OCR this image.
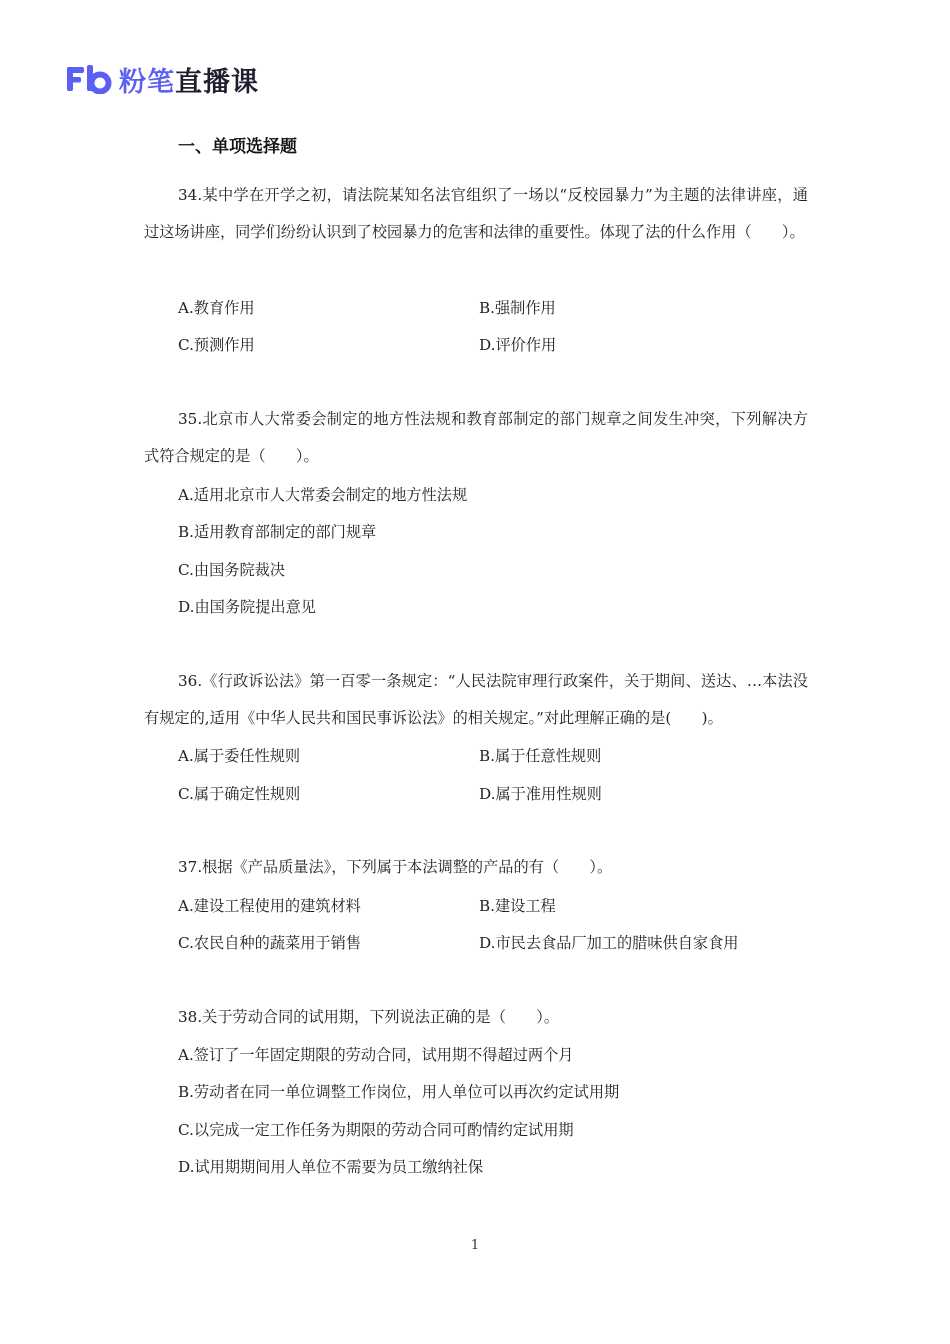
粉笔直播课
一、单项选择题

34.某中学在开学之初，请法院某知名法官组织了一场以“反校园暴力”为主题的法律讲座，通过这场讲座，同学们纷纷认识到了校园暴力的危害和法律的重要性。体现了法的什么作用（　　）。

A.教育作用	B.强制作用

C.预测作用	D.评价作用

35.北京市人大常委会制定的地方性法规和教育部制定的部门规章之间发生冲突，下列解决方式符合规定的是（　　）。

A.适用北京市人大常委会制定的地方性法规

B.适用教育部制定的部门规章

C.由国务院裁决

D.由国务院提出意见

36.《行政诉讼法》第一百零一条规定：“人民法院审理行政案件，关于期间、送达、…本法没有规定的,适用《中华人民共和国民事诉讼法》的相关规定。”对此理解正确的是(　　)。

A.属于委任性规则	B.属于任意性规则

C.属于确定性规则	D.属于准用性规则

37.根据《产品质量法》，下列属于本法调整的产品的有（　　）。

A.建设工程使用的建筑材料	B.建设工程

C.农民自种的蔬菜用于销售	D.市民去食品厂加工的腊味供自家食用

38.关于劳动合同的试用期，下列说法正确的是（　　）。

A.签订了一年固定期限的劳动合同，试用期不得超过两个月

B.劳动者在同一单位调整工作岗位，用人单位可以再次约定试用期

C.以完成一定工作任务为期限的劳动合同可酌情约定试用期

D.试用期期间用人单位不需要为员工缴纳社保

1
